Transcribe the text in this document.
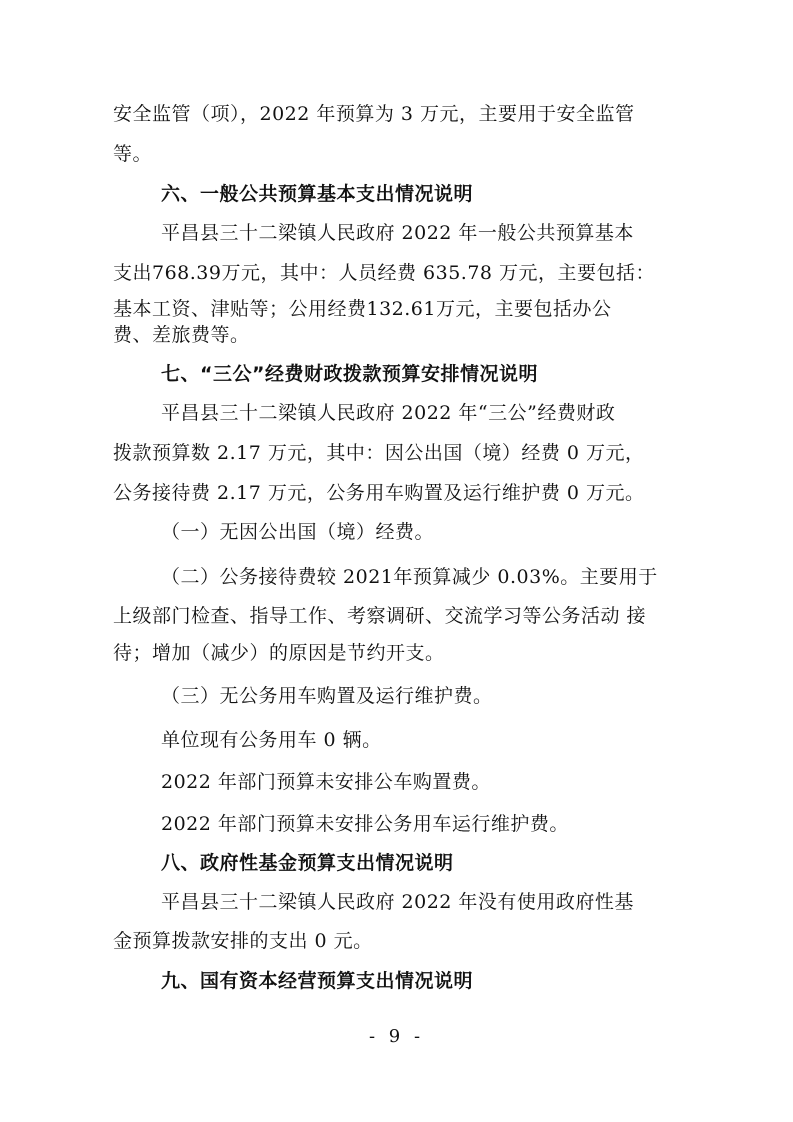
安全监管（项），2022 年预算为 3 万元，主要用于安全监管
等。
六、一般公共预算基本支出情况说明
平昌县三十二梁镇人民政府 2022 年一般公共预算基本
支出768.39万元，其中：人员经费 635.78 万元，主要包括：
基本工资、津贴等；公用经费132.61万元，主要包括办公
费、差旅费等。
七、“三公”经费财政拨款预算安排情况说明
平昌县三十二梁镇人民政府 2022 年“三公”经费财政
拨款预算数 2.17 万元，其中：因公出国（境）经费 0 万元，
公务接待费 2.17 万元，公务用车购置及运行维护费 0 万元。
（一）无因公出国（境）经费。
（二）公务接待费较 2021年预算减少 0.03%。主要用于
上级部门检查、指导工作、考察调研、交流学习等公务活动 接
待；增加（减少）的原因是节约开支。
（三）无公务用车购置及运行维护费。
单位现有公务用车 0 辆。
2022 年部门预算未安排公车购置费。
2022 年部门预算未安排公务用车运行维护费。
八、政府性基金预算支出情况说明
平昌县三十二梁镇人民政府 2022 年没有使用政府性基
金预算拨款安排的支出 0 元。
九、国有资本经营预算支出情况说明
- 9 -
